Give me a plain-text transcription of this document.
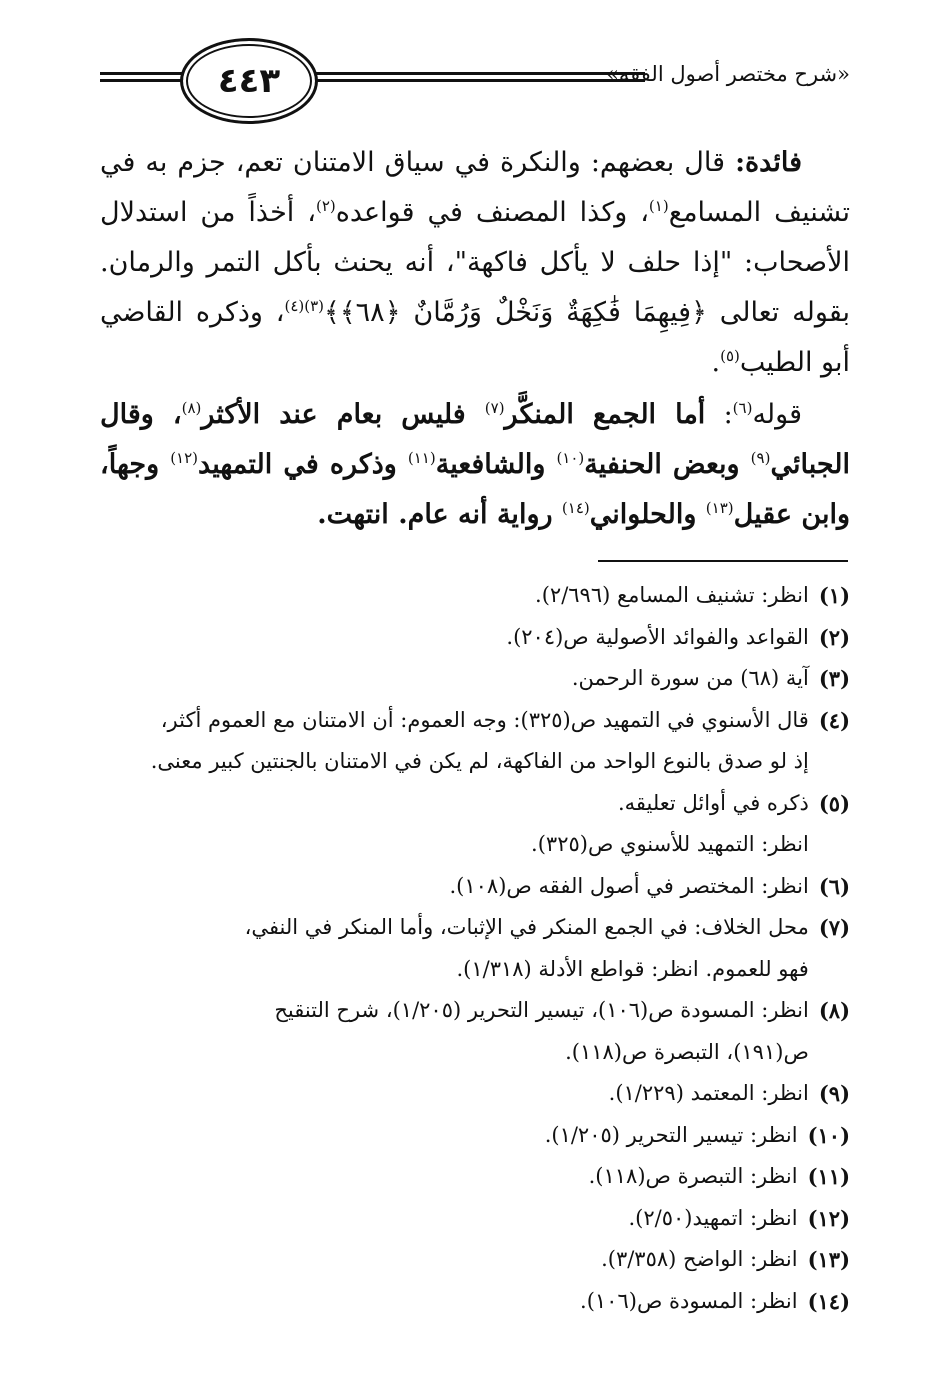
٤٤٣	«شرح مختصر أصول الفقه»

فائدة: قال بعضهم: والنكرة في سياق الامتنان تعم، جزم به في تشنيف المسامع$^{(١)}$، وكذا المصنف في قواعده$^{(٢)}$، أخذاً من استدلال الأصحاب: "إذا حلف لا يأكل فاكهة"، أنه يحنث بأكل التمر والرمان. بقوله تعالى ﴿فِيهِمَا فَٰكِهَةٌ وَنَخْلٌ وَرُمَّانٌ ﴿٦٨﴾﴾$^{(٣)(٤)}$، وذكره القاضي أبو الطيب$^{(٥)}$.

قوله$^{(٦)}$: أما الجمع المنكَّر$^{(٧)}$ فليس بعام عند الأكثر$^{(٨)}$، وقال الجبائي$^{(٩)}$ وبعض الحنفية$^{(١٠)}$ والشافعية$^{(١١)}$ وذكره في التمهيد$^{(١٢)}$ وجهاً، وابن عقيل$^{(١٣)}$ والحلواني$^{(١٤)}$ رواية أنه عام. انتهت.

(١)
انظر: تشنيف المسامع (٢/٦٩٦).
(٢)
القواعد والفوائد الأصولية ص(٢٠٤).
(٣)
آية (٦٨) من سورة الرحمن.
(٤)
قال الأسنوي في التمهيد ص(٣٢٥): وجه العموم: أن الامتنان مع العموم أكثر،
إذ لو صدق بالنوع الواحد من الفاكهة، لم يكن في الامتنان بالجنتين كبير معنى.
(٥)
ذكره في أوائل تعليقه.
انظر: التمهيد للأسنوي ص(٣٢٥).
(٦)
انظر: المختصر في أصول الفقه ص(١٠٨).
(٧)
محل الخلاف: في الجمع المنكر في الإثبات، وأما المنكر في النفي،
فهو للعموم. انظر: قواطع الأدلة (١/٣١٨).
(٨)
انظر: المسودة ص(١٠٦)، تيسير التحرير (١/٢٠٥)، شرح التنقيح
ص(١٩١)، التبصرة ص(١١٨).
(٩)
انظر: المعتمد (١/٢٢٩).
(١٠)
انظر: تيسير التحرير (١/٢٠٥).
(١١)
انظر: التبصرة ص(١١٨).
(١٢)
انظر: اتمهيد(٢/٥٠).
(١٣)
انظر: الواضح (٣/٣٥٨).
(١٤)
انظر: المسودة ص(١٠٦).
